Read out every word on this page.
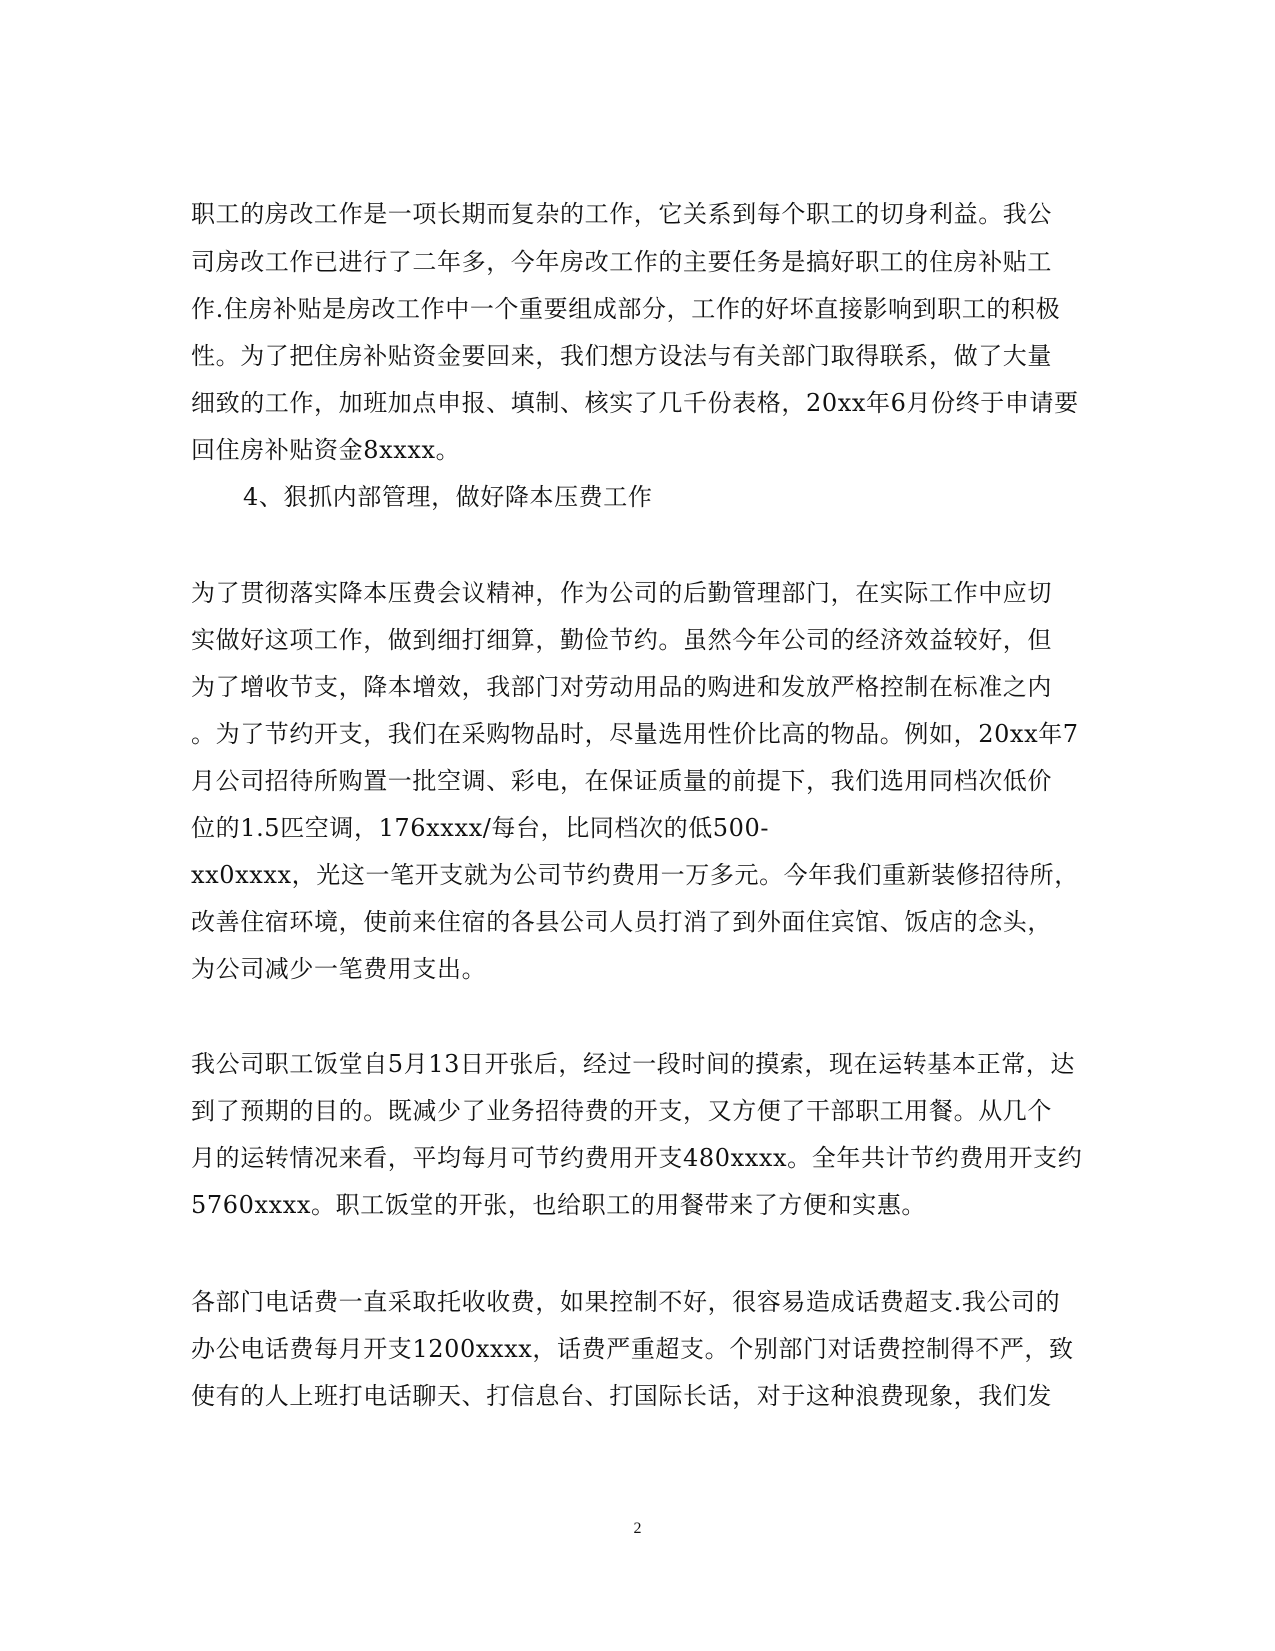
职工的房改工作是一项长期而复杂的工作，它关系到每个职工的切身利益。我公
司房改工作已进行了二年多，今年房改工作的主要任务是搞好职工的住房补贴工
作.住房补贴是房改工作中一个重要组成部分，工作的好坏直接影响到职工的积极
性。为了把住房补贴资金要回来，我们想方设法与有关部门取得联系，做了大量
细致的工作，加班加点申报、填制、核实了几千份表格，20xx年6月份终于申请要
回住房补贴资金8xxxx。
4、狠抓内部管理，做好降本压费工作
为了贯彻落实降本压费会议精神，作为公司的后勤管理部门，在实际工作中应切
实做好这项工作，做到细打细算，勤俭节约。虽然今年公司的经济效益较好，但
为了增收节支，降本增效，我部门对劳动用品的购进和发放严格控制在标准之内
。为了节约开支，我们在采购物品时，尽量选用性价比高的物品。例如，20xx年7
月公司招待所购置一批空调、彩电，在保证质量的前提下，我们选用同档次低价
位的1.5匹空调，176xxxx/每台，比同档次的低500-
xx0xxxx，光这一笔开支就为公司节约费用一万多元。今年我们重新装修招待所，
改善住宿环境，使前来住宿的各县公司人员打消了到外面住宾馆、饭店的念头，
为公司减少一笔费用支出。
我公司职工饭堂自5月13日开张后，经过一段时间的摸索，现在运转基本正常，达
到了预期的目的。既减少了业务招待费的开支，又方便了干部职工用餐。从几个
月的运转情况来看，平均每月可节约费用开支480xxxx。全年共计节约费用开支约
5760xxxx。职工饭堂的开张，也给职工的用餐带来了方便和实惠。
各部门电话费一直采取托收收费，如果控制不好，很容易造成话费超支.我公司的
办公电话费每月开支1200xxxx，话费严重超支。个别部门对话费控制得不严，致
使有的人上班打电话聊天、打信息台、打国际长话，对于这种浪费现象，我们发
2
